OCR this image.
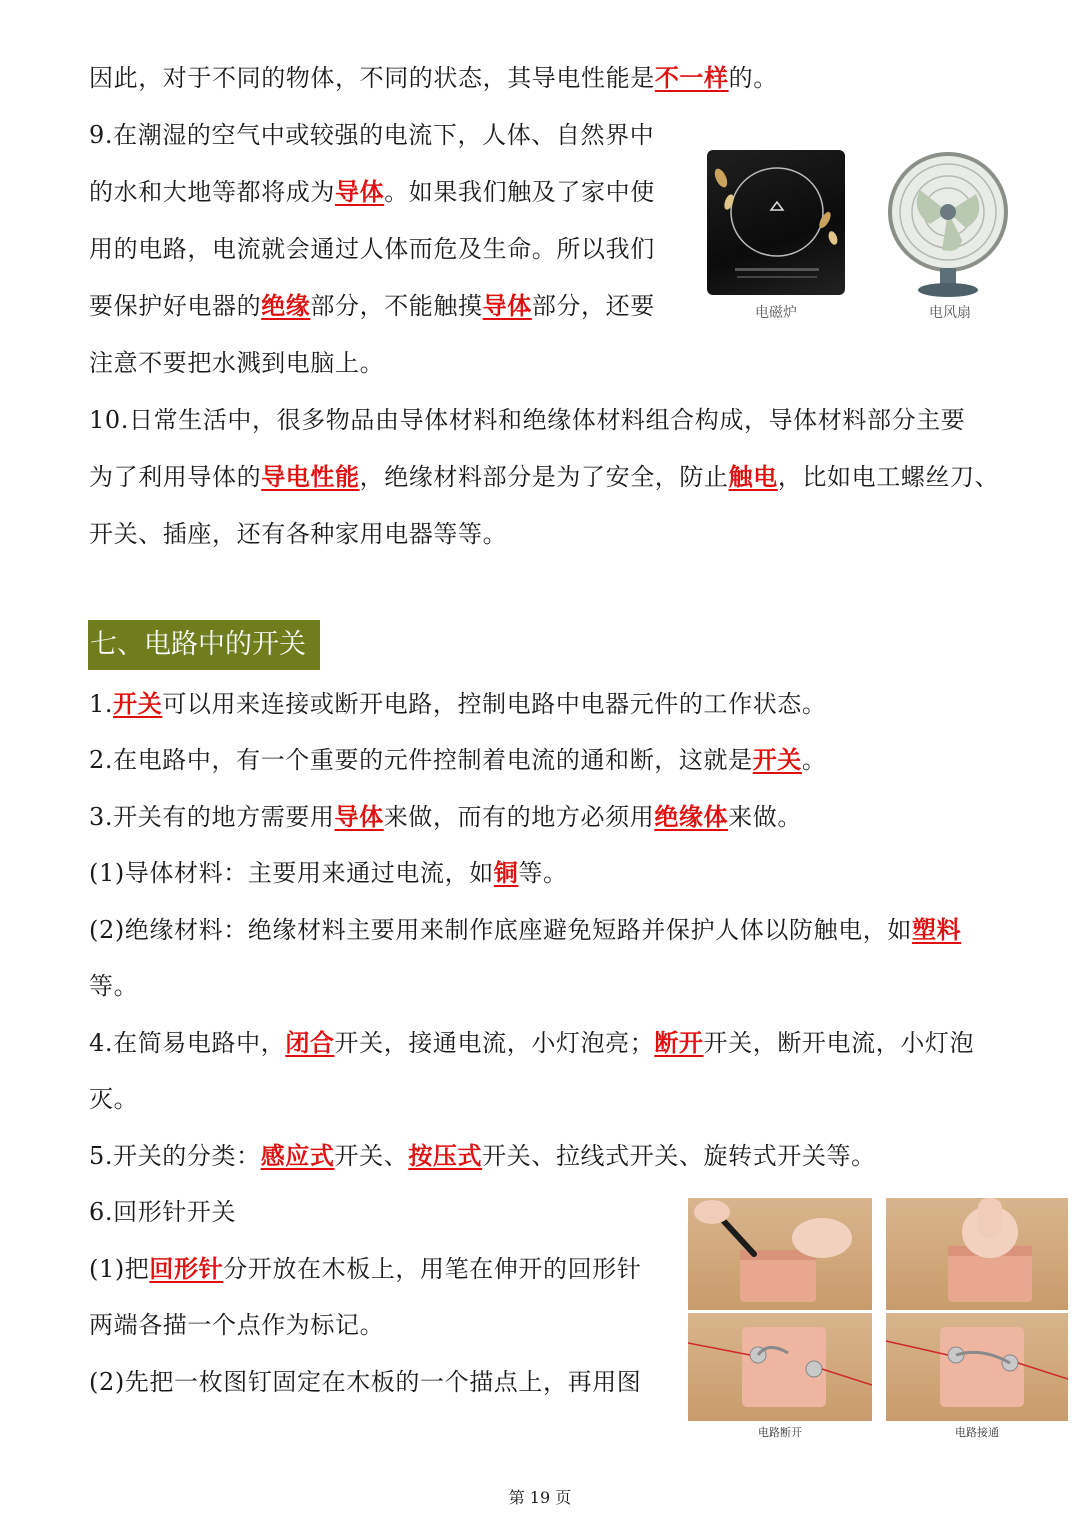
因此，对于不同的物体，不同的状态，其导电性能是不一样的。
9.在潮湿的空气中或较强的电流下，人体、自然界中
的水和大地等都将成为导体。如果我们触及了家中使
用的电路，电流就会通过人体而危及生命。所以我们
要保护好电器的绝缘部分，不能触摸导体部分，还要
注意不要把水溅到电脑上。
10.日常生活中，很多物品由导体材料和绝缘体材料组合构成，导体材料部分主要
为了利用导体的导电性能，绝缘材料部分是为了安全，防止触电，比如电工螺丝刀、
开关、插座，还有各种家用电器等等。
1.开关可以用来连接或断开电路，控制电路中电器元件的工作状态。
2.在电路中，有一个重要的元件控制着电流的通和断，这就是开关。
3.开关有的地方需要用导体来做，而有的地方必须用绝缘体来做。
(1)导体材料：主要用来通过电流，如铜等。
(2)绝缘材料：绝缘材料主要用来制作底座避免短路并保护人体以防触电，如塑料
等。
4.在简易电路中，闭合开关，接通电流，小灯泡亮；断开开关，断开电流，小灯泡
灭。
5.开关的分类：感应式开关、按压式开关、拉线式开关、旋转式开关等。
6.回形针开关
(1)把回形针分开放在木板上，用笔在伸开的回形针
两端各描一个点作为标记。
(2)先把一枚图钉固定在木板的一个描点上，再用图
七、电路中的开关
电磁炉	电风扇
电路断开	电路接通
第 19 页
